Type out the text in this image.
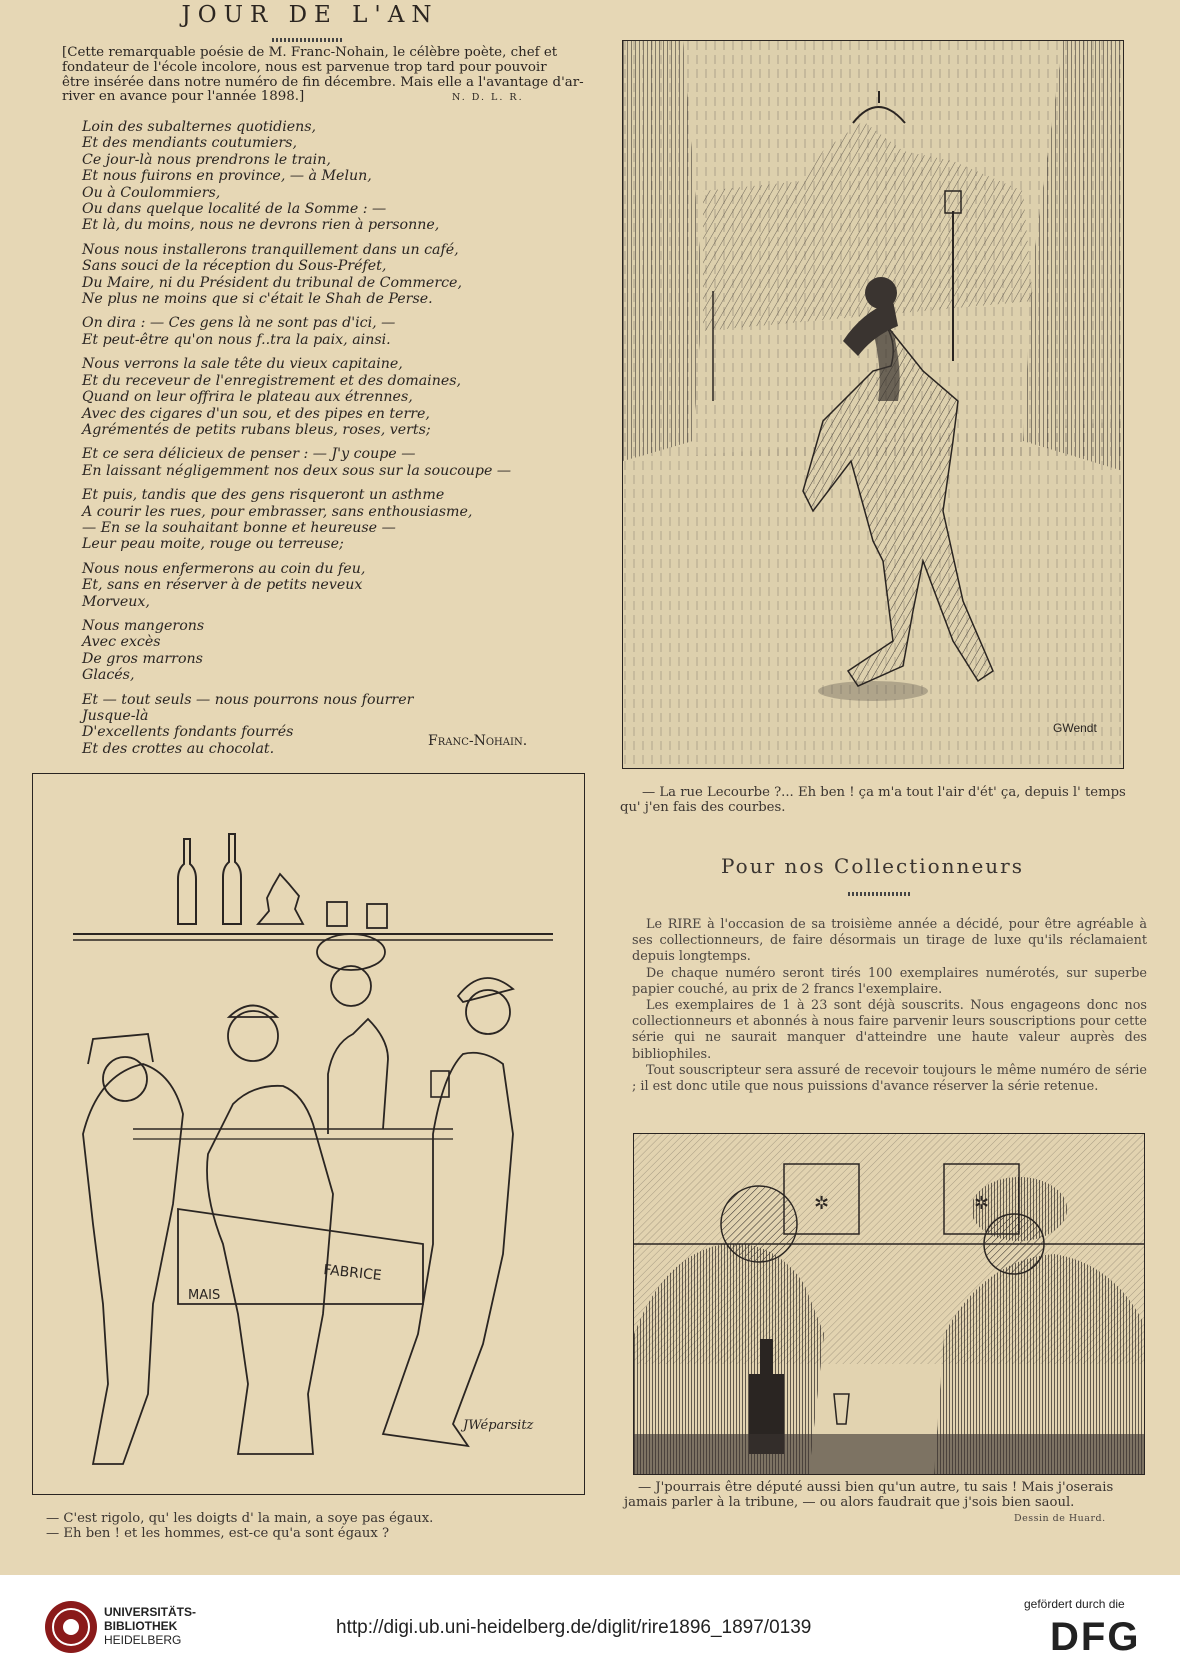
JOUR DE L'AN
[Cette remarquable poésie de M. Franc-Nohain, le célèbre poète, chef et
fondateur de l'école incolore, nous est parvenue trop tard pour pouvoir
être insérée dans notre numéro de fin décembre. Mais elle a l'avantage d'ar-
river en avance pour l'année 1898.]	N. D. L. R.
Loin des subalternes quotidiens,
Et des mendiants coutumiers,
Ce jour-là nous prendrons le train,
Et nous fuirons en province, — à Melun,
Ou à Coulommiers,
Ou dans quelque localité de la Somme : —
Et là, du moins, nous ne devrons rien à personne,
Nous nous installerons tranquillement dans un café,
Sans souci de la réception du Sous-Préfet,
Du Maire, ni du Président du tribunal de Commerce,
Ne plus ne moins que si c'était le Shah de Perse.
On dira : — Ces gens là ne sont pas d'ici, —
Et peut-être qu'on nous f..tra la paix, ainsi.
Nous verrons la sale tête du vieux capitaine,
Et du receveur de l'enregistrement et des domaines,
Quand on leur offrira le plateau aux étrennes,
Avec des cigares d'un sou, et des pipes en terre,
Agrémentés de petits rubans bleus, roses, verts;
Et ce sera délicieux de penser : — J'y coupe —
En laissant négligemment nos deux sous sur la soucoupe —
Et puis, tandis que des gens risqueront un asthme
A courir les rues, pour embrasser, sans enthousiasme,
— En se la souhaitant bonne et heureuse —
Leur peau moite, rouge ou terreuse;
Nous nous enfermerons au coin du feu,
Et, sans en réserver à de petits neveux
Morveux,
Nous mangerons
Avec excès
De gros marrons
Glacés,
Et — tout seuls — nous pourrons nous fourrer
Jusque-là
D'excellents fondants fourrés
Et des crottes au chocolat.	Franc-Nohain.
GWendt
— La rue Lecourbe ?... Eh ben ! ça m'a tout l'air d'ét' ça, depuis l' temps
qu' j'en fais des courbes.
MAIS
FABRICE
JWéparsitz
— C'est rigolo, qu' les doigts d' la main, a soye pas égaux.
— Eh ben ! et les hommes, est-ce qu'a sont égaux ?
Pour nos Collectionneurs

Le RIRE à l'occasion de sa troisième année a décidé, pour être agréable à ses collectionneurs, de faire désormais un tirage de luxe qu'ils réclamaient depuis longtemps.

De chaque numéro seront tirés 100 exemplaires numérotés, sur superbe papier couché, au prix de 2 francs l'exemplaire.

Les exemplaires de 1 à 23 sont déjà souscrits. Nous engageons donc nos collectionneurs et abonnés à nous faire parvenir leurs souscriptions pour cette série qui ne saurait manquer d'atteindre une haute valeur auprès des bibliophiles.

Tout souscripteur sera assuré de recevoir toujours le même numéro de série ; il est donc utile que nous puissions d'avance réserver la série retenue.

✲
— J'pourrais être député aussi bien qu'un autre, tu sais ! Mais j'oserais
jamais parler à la tribune, — ou alors faudrait que j'sois bien saoul.
Dessin de Huard.
UNIVERSITÄTS-
BIBLIOTHEK
HEIDELBERG
http://digi.ub.uni-heidelberg.de/diglit/rire1896_1897/0139
gefördert durch die
DFG
